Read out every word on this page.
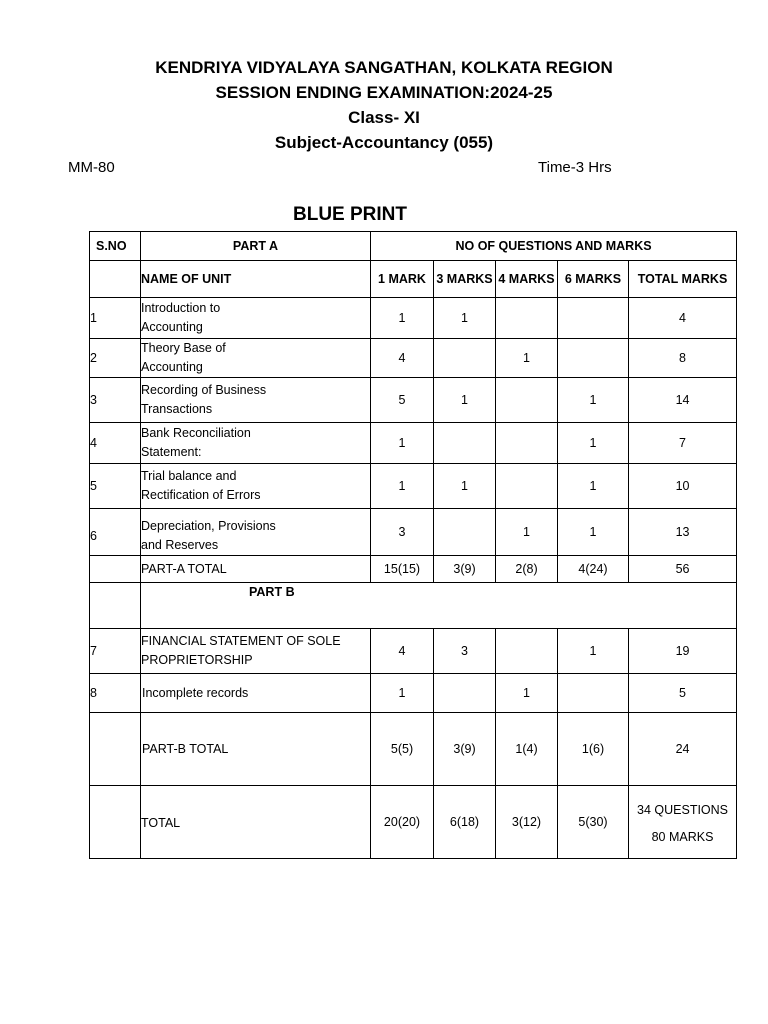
KENDRIYA VIDYALAYA SANGATHAN, KOLKATA REGION
SESSION ENDING EXAMINATION:2024-25
Class- XI
Subject-Accountancy (055)
MM-80	Time-3 Hrs
BLUE PRINT
S.NO	PART A	NO OF QUESTIONS AND MARKS				
	NAME OF UNIT	1 MARK	3 MARKS	4 MARKS	6 MARKS	TOTAL MARKS
1	Introduction to
Accounting	1	1			4
2	Theory Base of
Accounting	4		1		8
3	Recording of Business
Transactions	5	1		1	14
4	Bank Reconciliation
Statement:	1			1	7
5	Trial balance and
Rectification of Errors	1	1		1	10
6	Depreciation, Provisions
and Reserves	3		1	1	13
	PART-A TOTAL	15(15)	3(9)	2(8)	4(24)	56
	PART B					
7	FINANCIAL STATEMENT OF SOLE
PROPRIETORSHIP	4	3		1	19
8	Incomplete records	1		1		5
	PART-B TOTAL	5(5)	3(9)	1(4)	1(6)	24
	TOTAL	20(20)	6(18)	3(12)	5(30)	34 QUESTIONS
80 MARKS
